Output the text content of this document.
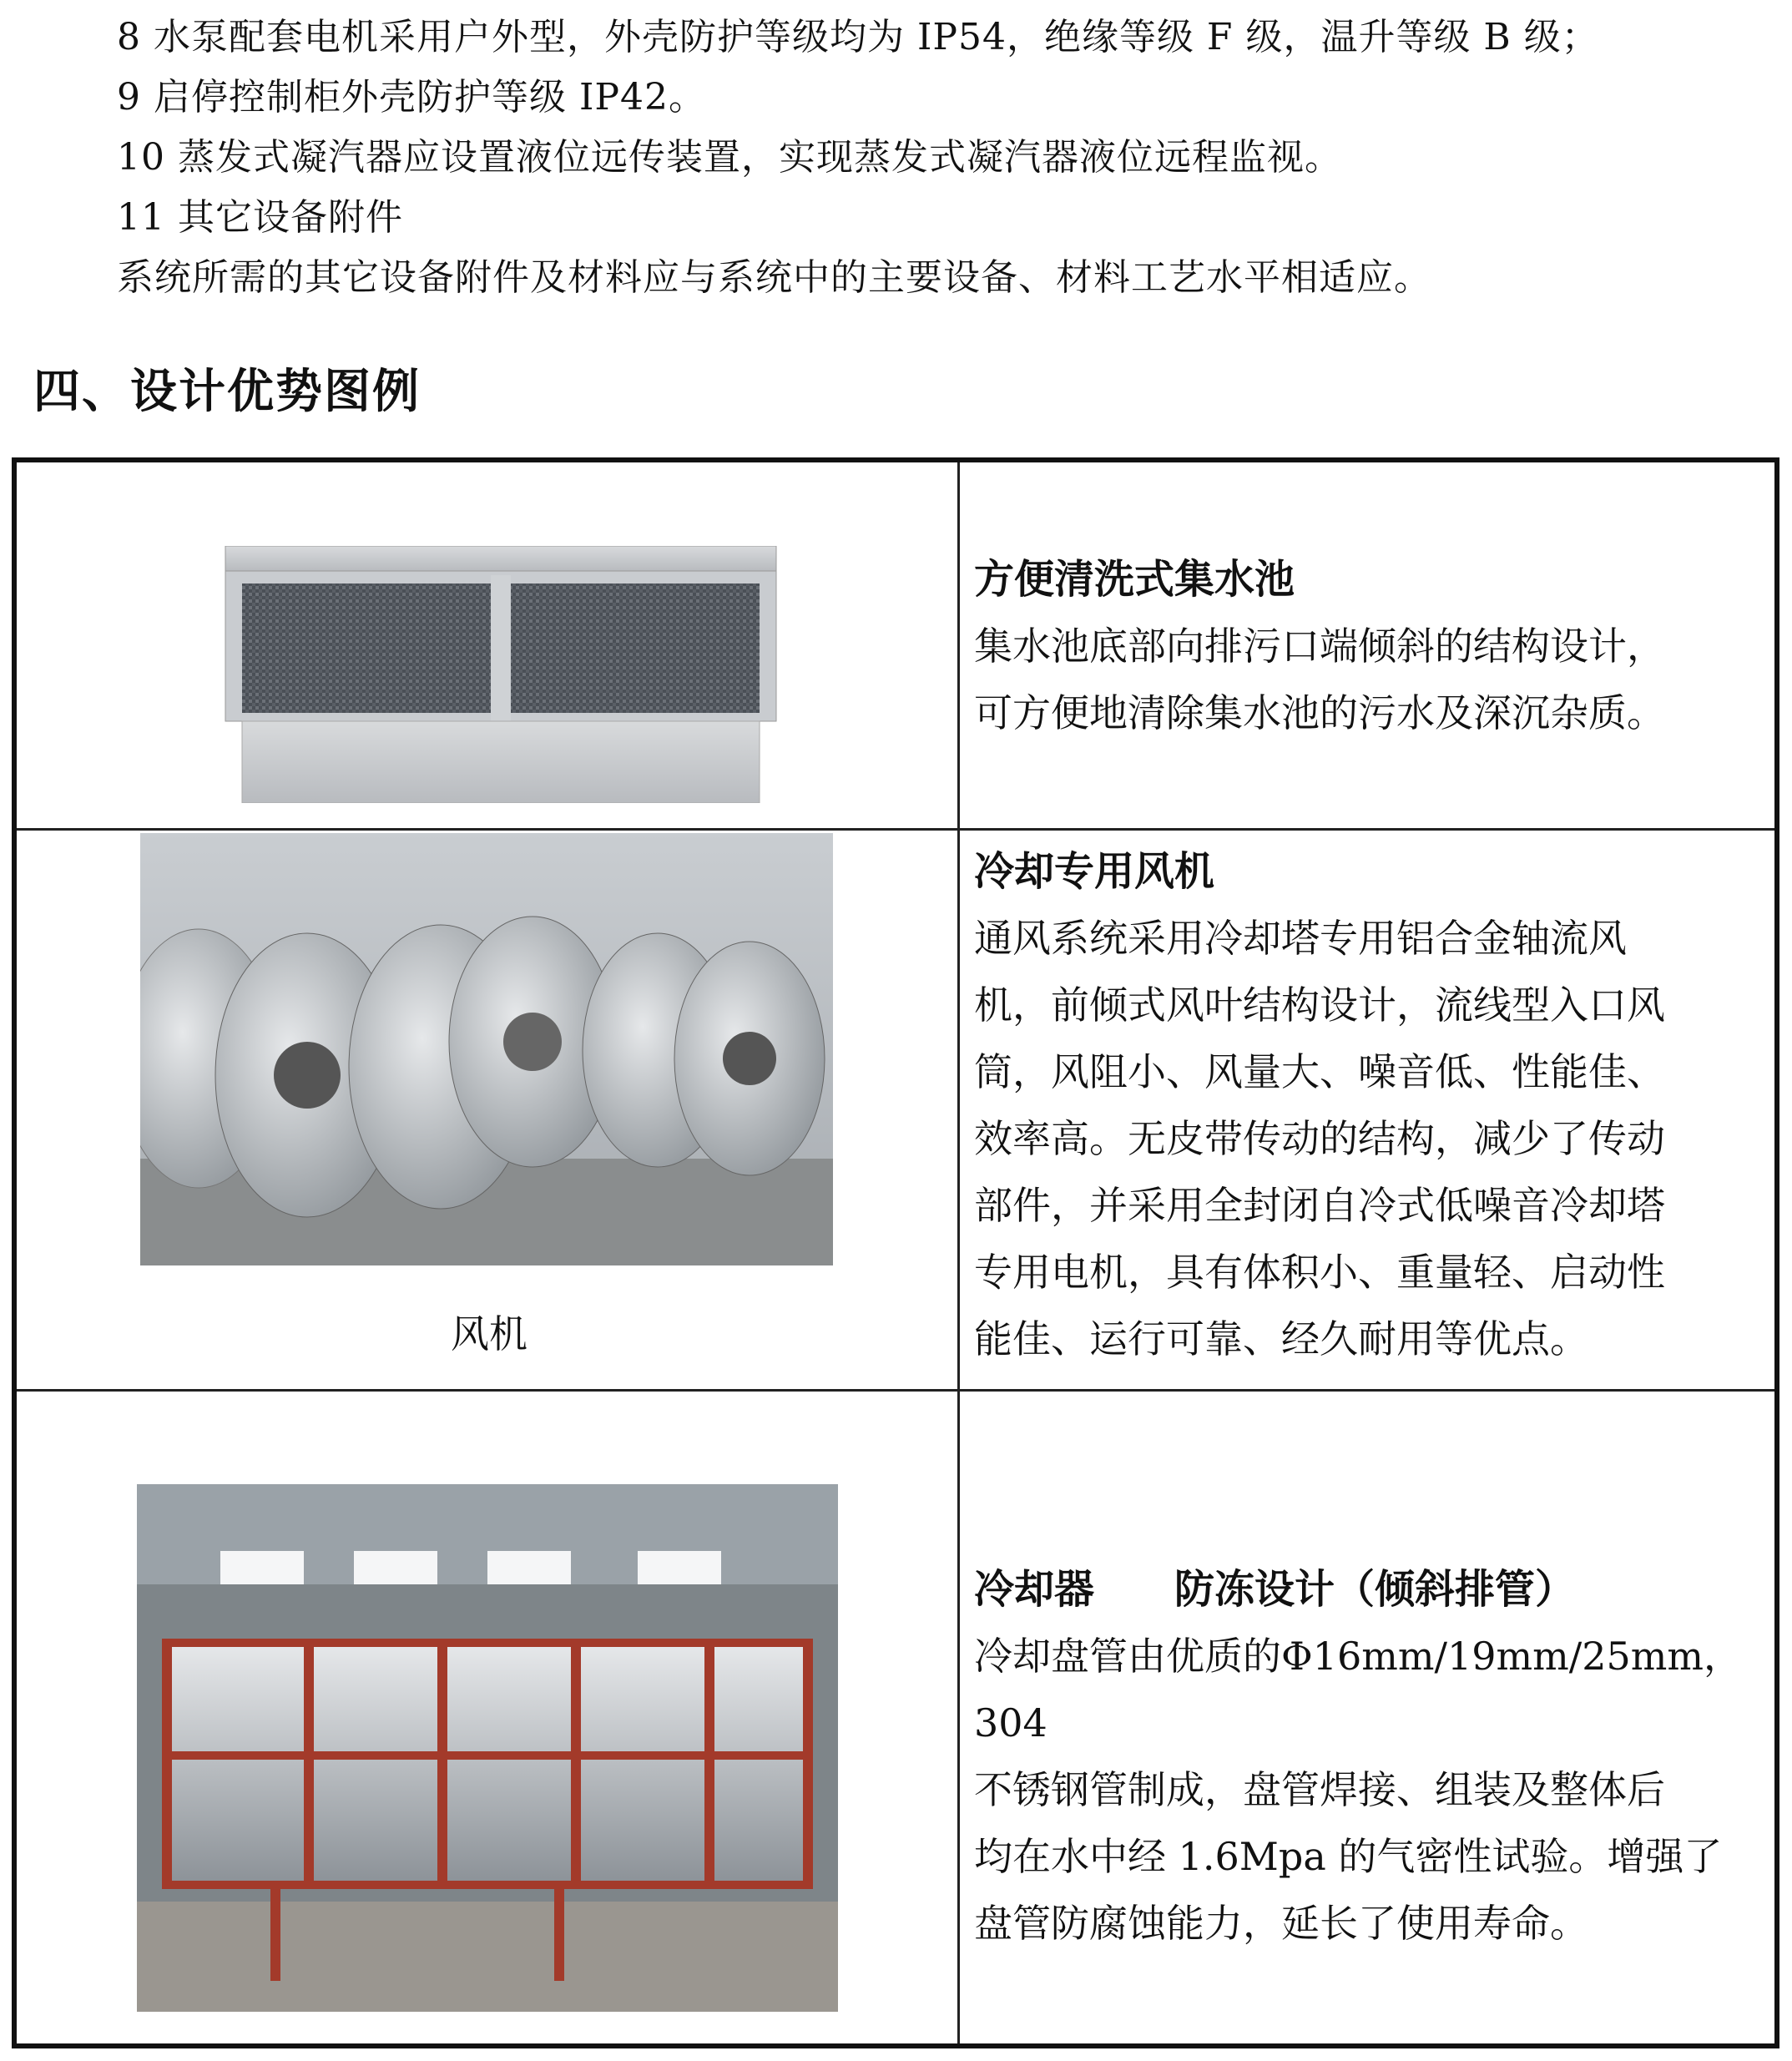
8 水泵配套电机采用户外型，外壳防护等级均为 IP54，绝缘等级 F 级，温升等级 B 级；
9 启停控制柜外壳防护等级 IP42。
10 蒸发式凝汽器应设置液位远传装置，实现蒸发式凝汽器液位远程监视。
11 其它设备附件
系统所需的其它设备附件及材料应与系统中的主要设备、材料工艺水平相适应。
四、设计优势图例
方便清洗式集水池
集水池底部向排污口端倾斜的结构设计，
可方便地清除集水池的污水及深沉杂质。
风机
冷却专用风机
通风系统采用冷却塔专用铝合金轴流风
机，前倾式风叶结构设计，流线型入口风
筒，风阻小、风量大、噪音低、性能佳、
效率高。无皮带传动的结构，减少了传动
部件，并采用全封闭自冷式低噪音冷却塔
专用电机，具有体积小、重量轻、启动性
能佳、运行可靠、经久耐用等优点。
冷却器　　防冻设计（倾斜排管）
冷却盘管由优质的Φ16mm/19mm/25mm，304
不锈钢管制成，盘管焊接、组装及整体后
均在水中经 1.6Mpa 的气密性试验。增强了
盘管防腐蚀能力，延长了使用寿命。
